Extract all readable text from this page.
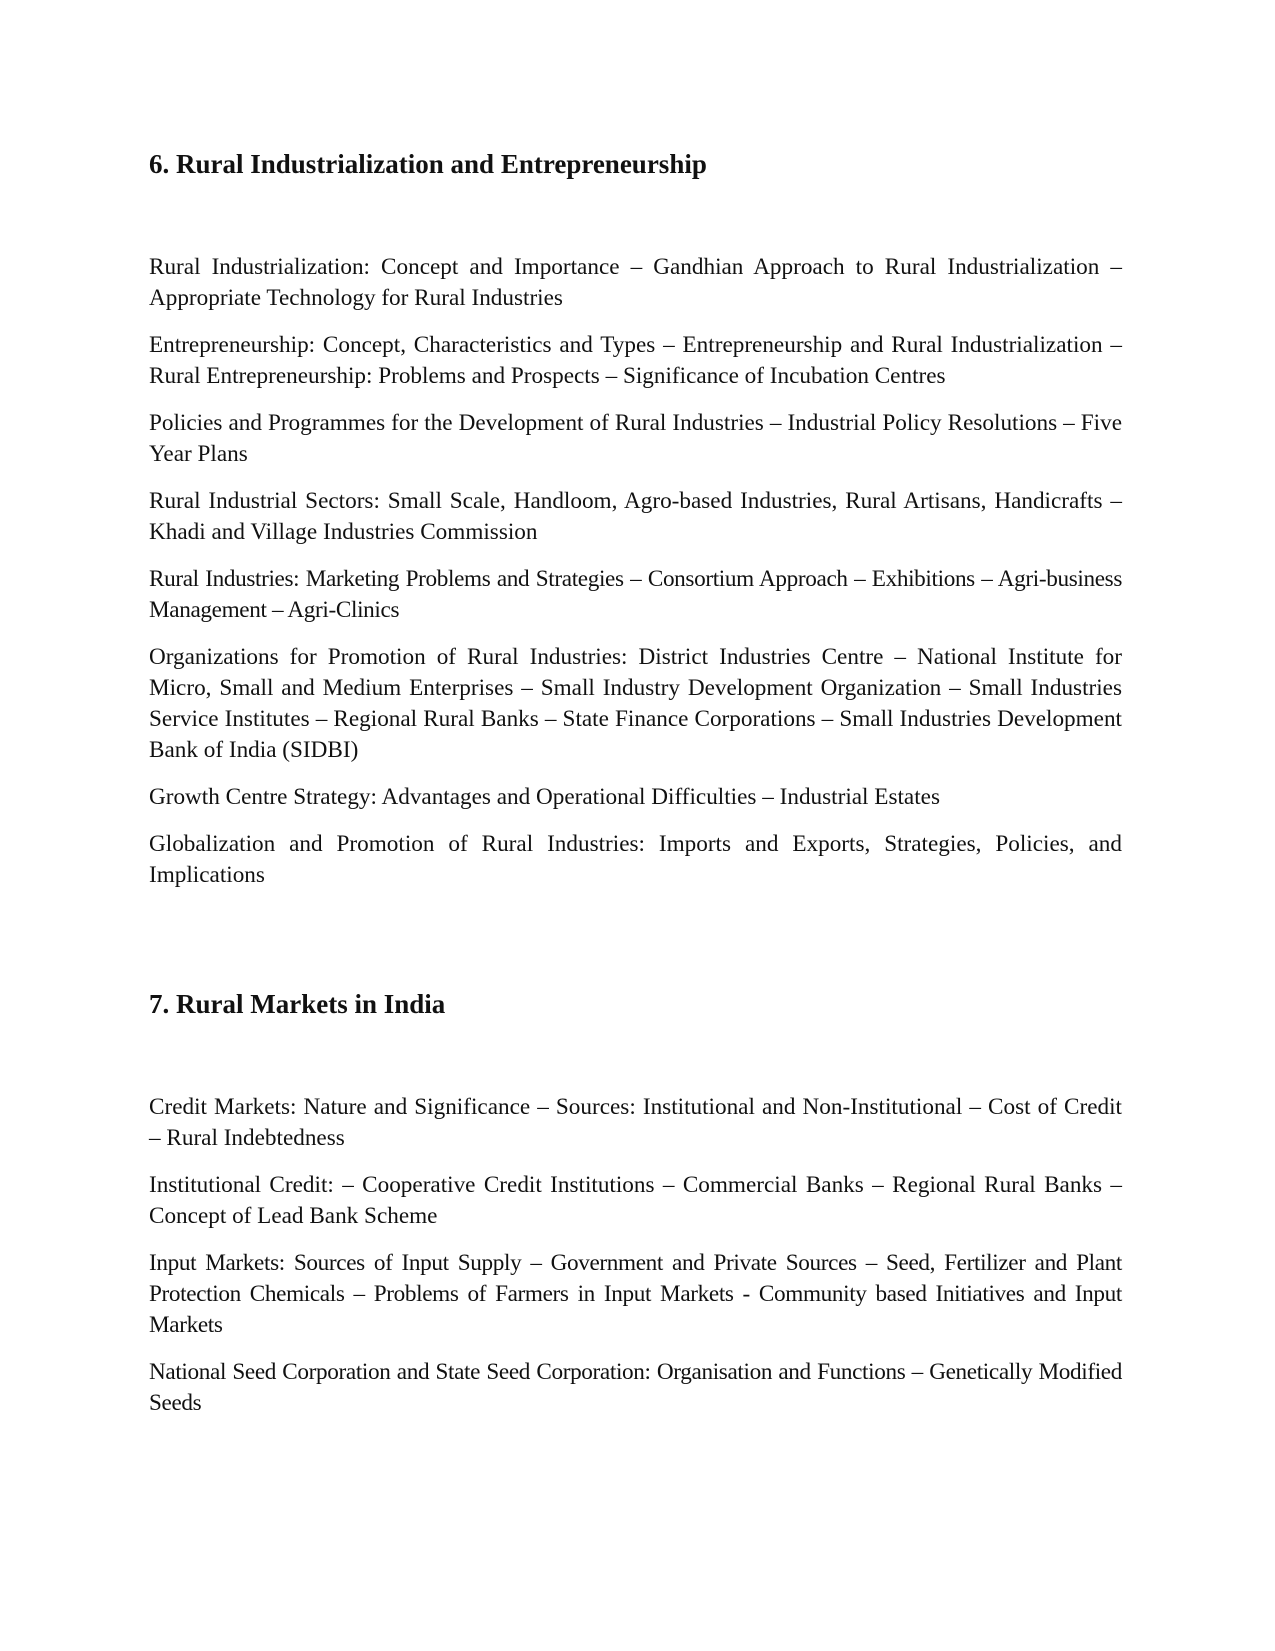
6. Rural Industrialization and Entrepreneurship

Rural Industrialization: Concept and Importance – Gandhian Approach to Rural Industrialization – Appropriate Technology for Rural Industries

Entrepreneurship: Concept, Characteristics and Types – Entrepreneurship and Rural Industrialization – Rural Entrepreneurship: Problems and Prospects – Significance of Incubation Centres

Policies and Programmes for the Development of Rural Industries – Industrial Policy Resolutions – Five Year Plans

Rural Industrial Sectors: Small Scale, Handloom, Agro-based Industries, Rural Artisans, Handicrafts – Khadi and Village Industries Commission

Rural Industries: Marketing Problems and Strategies – Consortium Approach – Exhibitions – Agri-business Management – Agri-Clinics

Organizations for Promotion of Rural Industries: District Industries Centre – National Institute for Micro, Small and Medium Enterprises – Small Industry Development Organization – Small Industries Service Institutes – Regional Rural Banks – State Finance Corporations – Small Industries Development Bank of India (SIDBI)

Growth Centre Strategy: Advantages and Operational Difficulties – Industrial Estates

Globalization and Promotion of Rural Industries: Imports and Exports, Strategies, Policies, and Implications

7. Rural Markets in India

Credit Markets: Nature and Significance – Sources: Institutional and Non-Institutional – Cost of Credit – Rural Indebtedness

Institutional Credit: – Cooperative Credit Institutions – Commercial Banks – Regional Rural Banks – Concept of Lead Bank Scheme

Input Markets: Sources of Input Supply – Government and Private Sources – Seed, Fertilizer and Plant Protection Chemicals – Problems of Farmers in Input Markets - Community based Initiatives and Input Markets

National Seed Corporation and State Seed Corporation: Organisation and Functions – Genetically Modified Seeds
